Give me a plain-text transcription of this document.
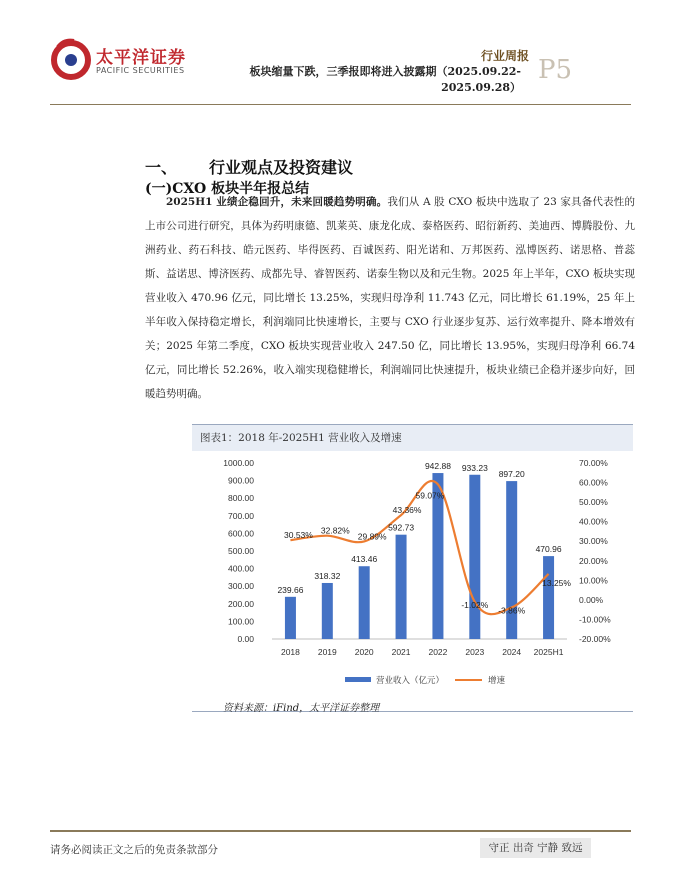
太平洋证券
PACIFIC SECURITIES
行业周报
板块缩量下跌，三季报即将进入披露期（2025.09.22-2025.09.28）
P5
一、 行业观点及投资建议
(一)CXO 板块半年报总结
2025H1 业绩企稳回升，未来回暖趋势明确。我们从 A 股 CXO 板块中选取了 23 家具备代表性的上市公司进行研究，具体为药明康德、凯莱英、康龙化成、泰格医药、昭衍新药、美迪西、博腾股份、九洲药业、药石科技、皓元医药、毕得医药、百诚医药、阳光诺和、万邦医药、泓博医药、诺思格、普蕊斯、益诺思、博济医药、成都先导、睿智医药、诺泰生物以及和元生物。2025 年上半年，CXO 板块实现营业收入 470.96 亿元，同比增长 13.25%，实现归母净利 11.743 亿元，同比增长 61.19%，25 年上半年收入保持稳定增长，利润端同比快速增长，主要与 CXO 行业逐步复苏、运行效率提升、降本增效有关；2025 年第二季度，CXO 板块实现营业收入 247.50 亿，同比增长 13.95%，实现归母净利 66.74 亿元，同比增长 52.26%，收入端实现稳健增长，利润端同比快速提升，板块业绩已企稳并逐步向好，回暖趋势明确。
图表1：2018 年-2025H1 营业收入及增速
0.00
100.00
200.00
300.00
400.00
500.00
600.00
700.00
800.00
900.00
1000.00
-20.00%
-10.00%
0.00%
10.00%
20.00%
30.00%
40.00%
50.00%
60.00%
70.00%
2018 2019 2020 2021 2022 2023 2024 2025H1
239.66
318.32
413.46
592.73
942.88 933.23
897.20
470.96
30.53% 32.82%
29.89%
43.36%
59.07%
-1.02%
-3.86%
13.25%
营业收入（亿元）	增速
资料来源：iFind，太平洋证券整理
请务必阅读正文之后的免责条款部分	守正 出奇 宁静 致远
